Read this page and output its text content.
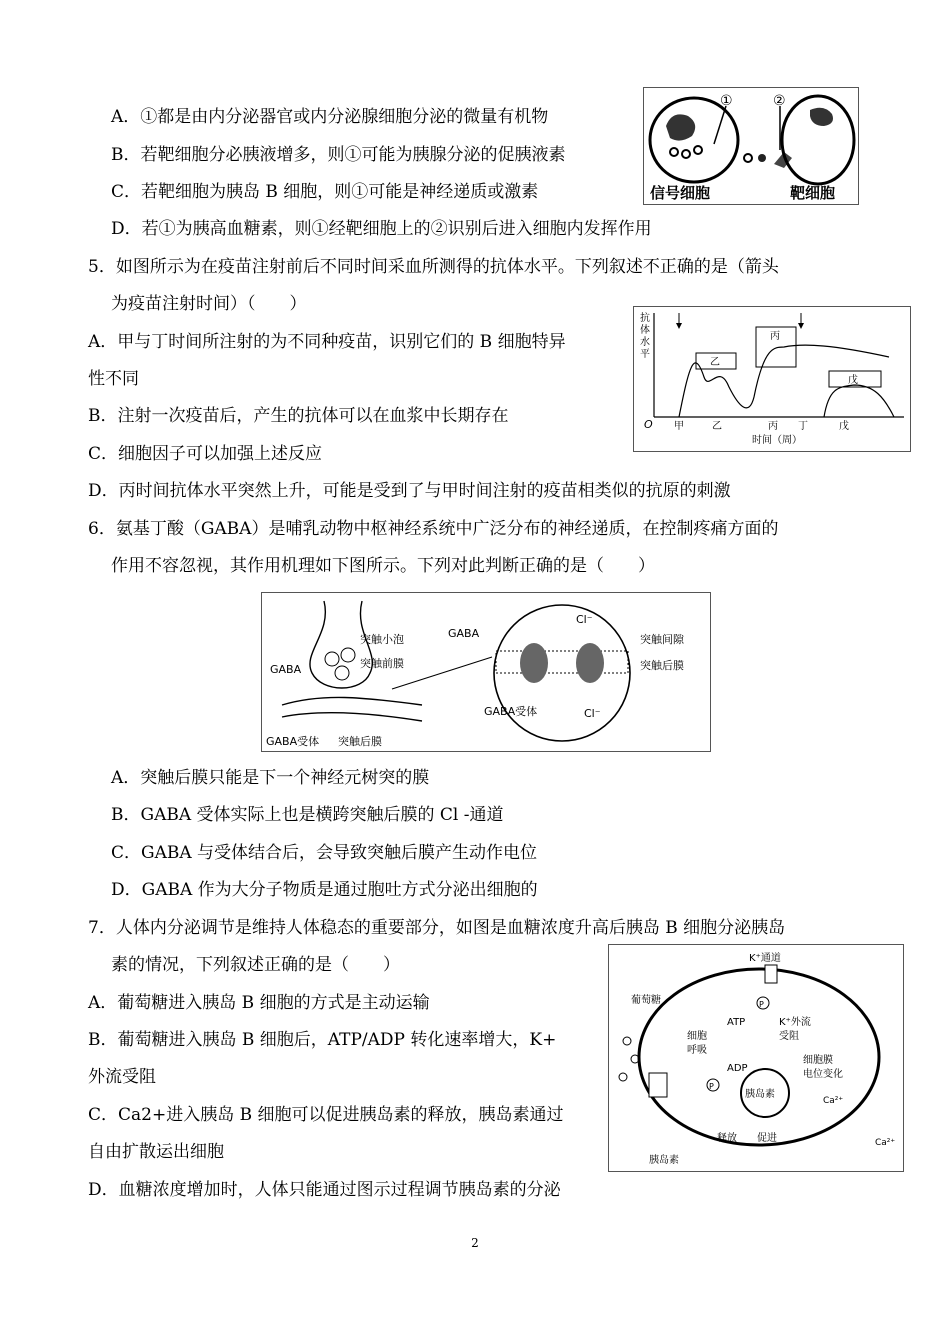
A．①都是由内分泌器官或内分泌腺细胞分泌的微量有机物
B．若靶细胞分必胰液增多，则①可能为胰腺分泌的促胰液素
C．若靶细胞为胰岛 B 细胞，则①可能是神经递质或激素
D．若①为胰高血糖素，则①经靶细胞上的②识别后进入细胞内发挥作用
5．如图所示为在疫苗注射前后不同时间采血所测得的抗体水平。下列叙述不正确的是（箭头
为疫苗注射时间）（　　）
A．甲与丁时间所注射的为不同种疫苗，识别它们的 B 细胞特异
性不同
B．注射一次疫苗后，产生的抗体可以在血浆中长期存在
C．细胞因子可以加强上述反应
D．丙时间抗体水平突然上升，可能是受到了与甲时间注射的疫苗相类似的抗原的刺激
6．氨基丁酸（GABA）是哺乳动物中枢神经系统中广泛分布的神经递质，在控制疼痛方面的
作用不容忽视，其作用机理如下图所示。下列对此判断正确的是（　　）
A．突触后膜只能是下一个神经元树突的膜
B．GABA 受体实际上也是横跨突触后膜的 Cl -通道
C．GABA 与受体结合后，会导致突触后膜产生动作电位
D．GABA 作为大分子物质是通过胞吐方式分泌出细胞的
7．人体内分泌调节是维持人体稳态的重要部分，如图是血糖浓度升高后胰岛 B 细胞分泌胰岛
素的情况，下列叙述正确的是（　　）
A．葡萄糖进入胰岛 B 细胞的方式是主动运输
B．葡萄糖进入胰岛 B 细胞后，ATP/ADP 转化速率增大，K+
外流受阻
C．Ca2+进入胰岛 B 细胞可以促进胰岛素的释放，胰岛素通过
自由扩散运出细胞
D．血糖浓度增加时，人体只能通过图示过程调节胰岛素的分泌
①	②
信号细胞	靶细胞
抗
体
水
平
O
乙
丙
戊
甲	乙	丙 丁	戊
时间（周）
突触小泡
突触前膜
GABA
GABA受体 突触后膜
GABA
Cl⁻
Cl⁻
突触间隙
突触后膜
GABA受体
K⁺通道
葡萄糖
细胞
呼吸
ATP
ADP
P
P
K⁺外流
受阻
细胞膜
电位变化
胰岛素
Ca²⁺
Ca²⁺
释放 促进
胰岛素
2
